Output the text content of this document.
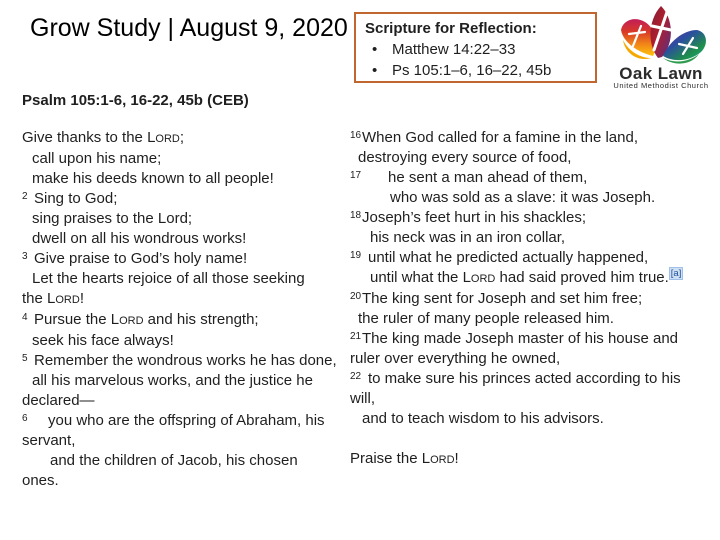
Grow Study | August 9, 2020 Scripture for Reflection:
• Matthew 14:22–33
• Ps 105:1–6, 16–22, 45b	Oak Lawn
United Methodist Church
Psalm 105:1-6, 16-22, 45b (CEB)
Give thanks to the LORD;
call upon his name;
make his deeds known to all people!
2 Sing to God;
sing praises to the Lord;
dwell on all his wondrous works!
3 Give praise to God’s holy name!
Let the hearts rejoice of all those seeking
the LORD!
4 Pursue the LORD and his strength;
seek his face always!
5 Remember the wondrous works he has done,
all his marvelous works, and the justice he
declared—
6 you who are the offspring of Abraham, his
servant,
and the children of Jacob, his chosen
ones.
16 When God called for a famine in the land,
destroying every source of food,
17 he sent a man ahead of them,
who was sold as a slave: it was Joseph.
18 Joseph’s feet hurt in his shackles;
his neck was in an iron collar,
19 until what he predicted actually happened,
until what the LORD had said proved him true. [a]
20 The king sent for Joseph and set him free;
the ruler of many people released him.
21 The king made Joseph master of his house and
ruler over everything he owned,
22 to make sure his princes acted according to his
will,
and to teach wisdom to his advisors.
Praise the LORD!
